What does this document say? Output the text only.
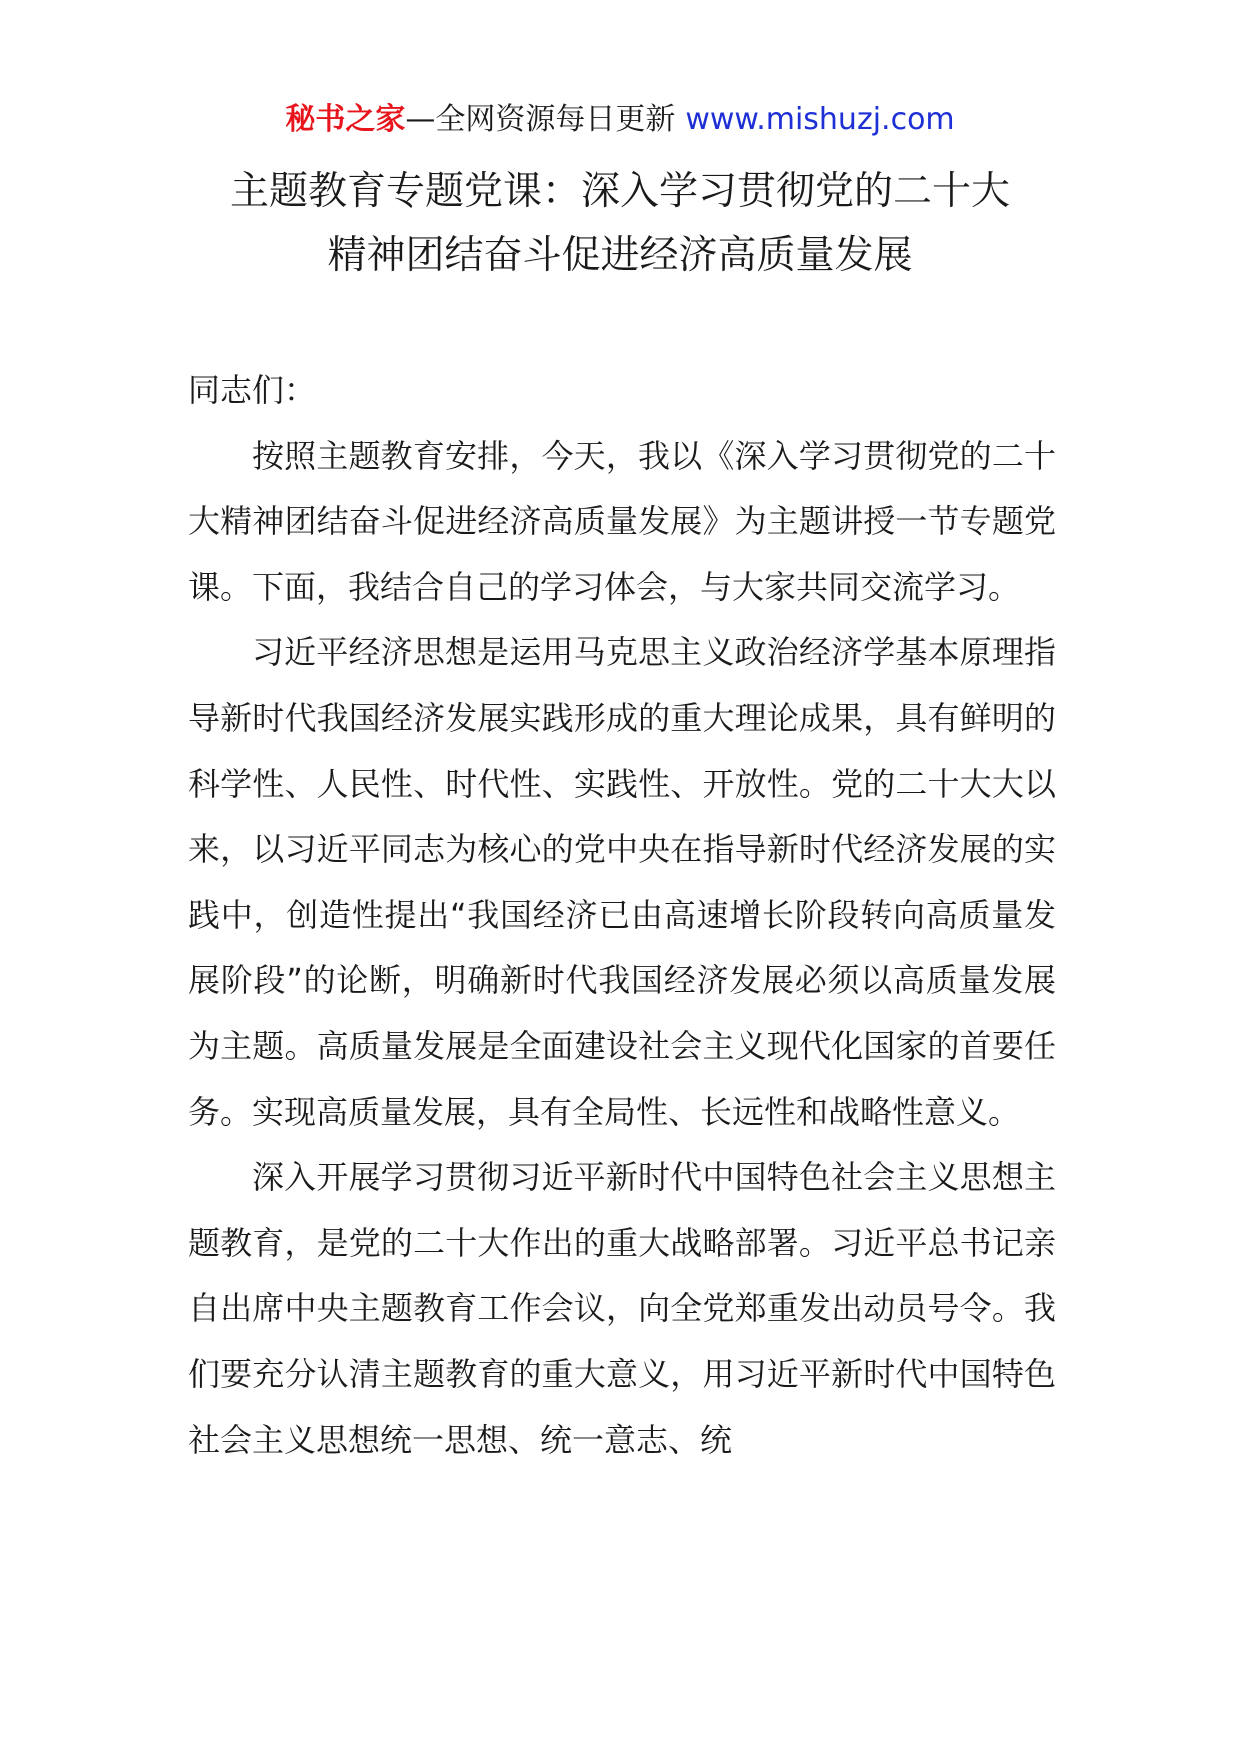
秘书之家—全网资源每日更新 www.mishuzj.com
主题教育专题党课：深入学习贯彻党的二十大
精神团结奋斗促进经济高质量发展

同志们：

按照主题教育安排，今天，我以《深入学习贯彻党的二十大精神团结奋斗促进经济高质量发展》为主题讲授一节专题党课。下面，我结合自己的学习体会，与大家共同交流学习。

习近平经济思想是运用马克思主义政治经济学基本原理指导新时代我国经济发展实践形成的重大理论成果，具有鲜明的科学性、人民性、时代性、实践性、开放性。党的二十大大以来，以习近平同志为核心的党中央在指导新时代经济发展的实践中，创造性提出“我国经济已由高速增长阶段转向高质量发展阶段”的论断，明确新时代我国经济发展必须以高质量发展为主题。高质量发展是全面建设社会主义现代化国家的首要任务。实现高质量发展，具有全局性、长远性和战略性意义。

深入开展学习贯彻习近平新时代中国特色社会主义思想主题教育，是党的二十大作出的重大战略部署。习近平总书记亲自出席中央主题教育工作会议，向全党郑重发出动员号令。我们要充分认清主题教育的重大意义，用习近平新时代中国特色社会主义思想统一思想、统一意志、统
